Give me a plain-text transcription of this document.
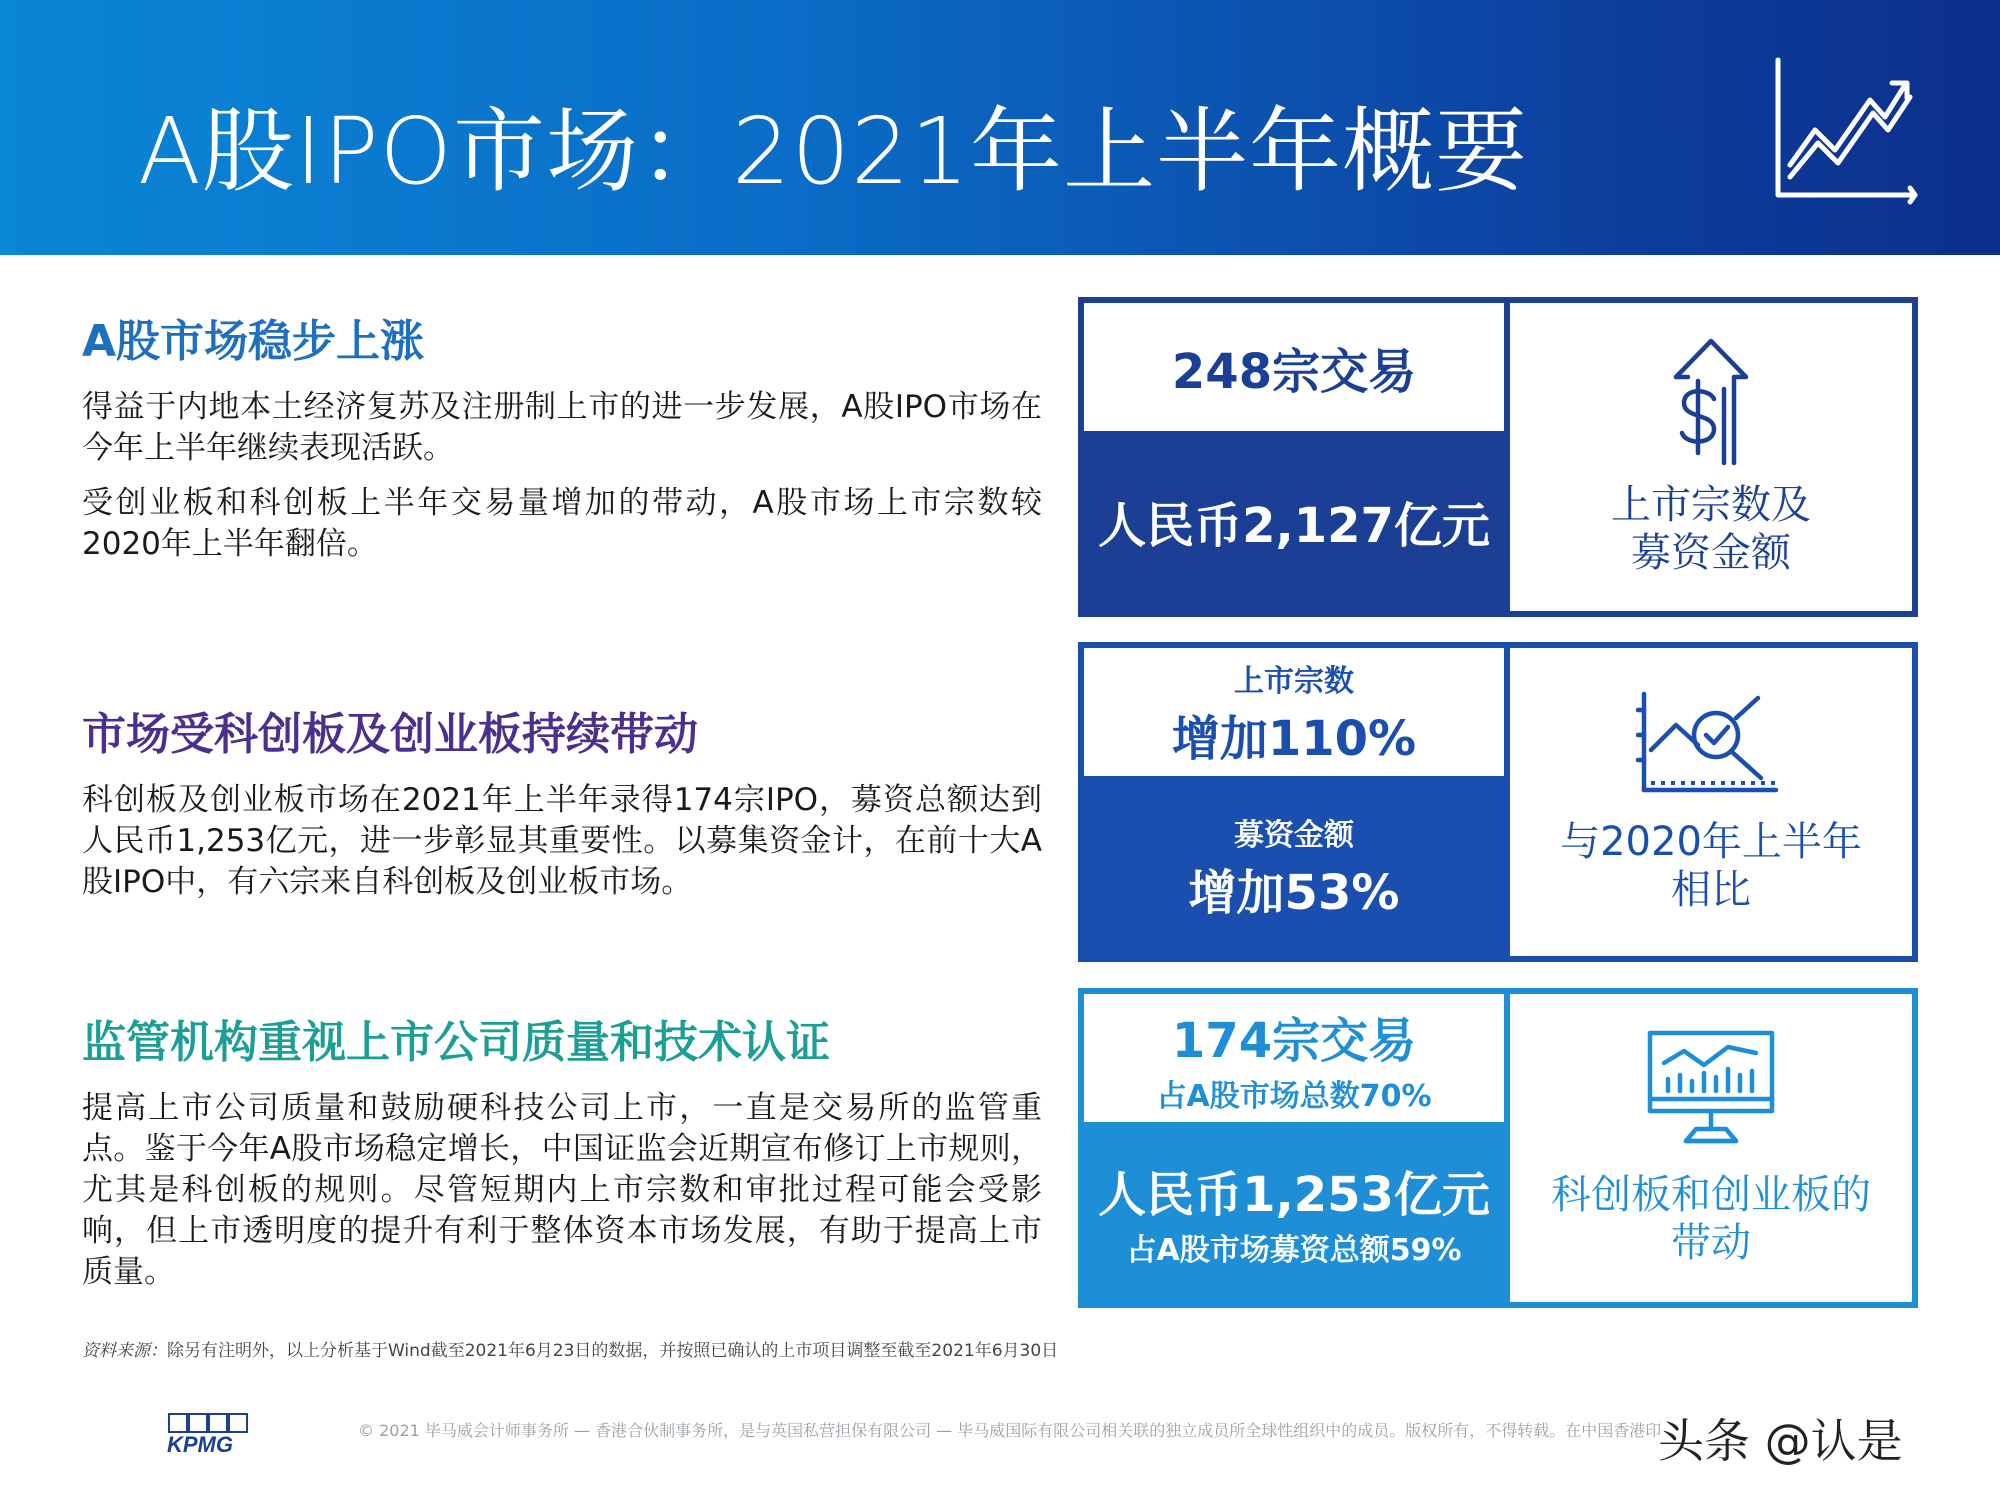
A股IPO市场：2021年上半年概要
A股市场稳步上涨

得益于内地本土经济复苏及注册制上市的进一步发展，A股IPO市场在今年上半年继续表现活跃。

受创业板和科创板上半年交易量增加的带动，A股市场上市宗数较2020年上半年翻倍。

市场受科创板及创业板持续带动

科创板及创业板市场在2021年上半年录得174宗IPO，募资总额达到人民币1,253亿元，进一步彰显其重要性。以募集资金计，在前十大A股IPO中，有六宗来自科创板及创业板市场。

监管机构重视上市公司质量和技术认证

提高上市公司质量和鼓励硬科技公司上市，一直是交易所的监管重点。鉴于今年A股市场稳定增长，中国证监会近期宣布修订上市规则，尤其是科创板的规则。尽管短期内上市宗数和审批过程可能会受影响，但上市透明度的提升有利于整体资本市场发展，有助于提高上市质量。

248宗交易
人民币2,127亿元	上市宗数及
募资金额
上市宗数
增加110%
募资金额
增加53%
与2020年上半年
相比
174宗交易
占A股市场总数70%
人民币1,253亿元
占A股市场募资总额59%
科创板和创业板的
带动
资料来源：除另有注明外，以上分析基于Wind截至2021年6月23日的数据，并按照已确认的上市项目调整至截至2021年6月30日
KPMG
© 2021 毕马威会计师事务所 — 香港合伙制事务所，是与英国私营担保有限公司 — 毕马威国际有限公司相关联的独立成员所全球性组织中的成员。版权所有，不得转载。在中国香港印
头条 @认是
